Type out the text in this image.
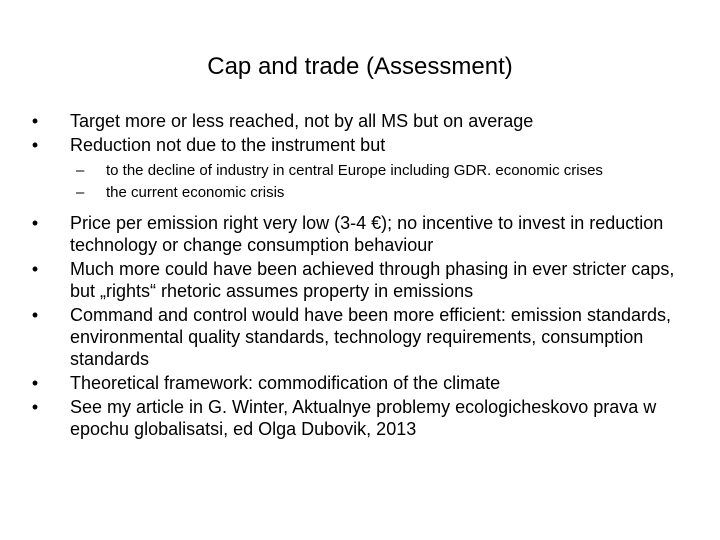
Cap and trade (Assessment)
• Target more or less reached, not by all MS but on average
• Reduction not due to the instrument but
– to the decline of industry in central Europe including GDR. economic crises
– the current economic crisis
• Price per emission right very low (3-4 €); no incentive to invest in reduction technology or change consumption behaviour
• Much more could have been achieved through phasing in ever stricter caps, but „rights“ rhetoric assumes property in emissions
• Command and control would have been more efficient: emission standards, environmental quality standards, technology requirements, consumption standards
• Theoretical framework: commodification of the climate
• See my article in G. Winter, Aktualnye problemy ecologicheskovo prava w epochu globalisatsi, ed Olga Dubovik, 2013
